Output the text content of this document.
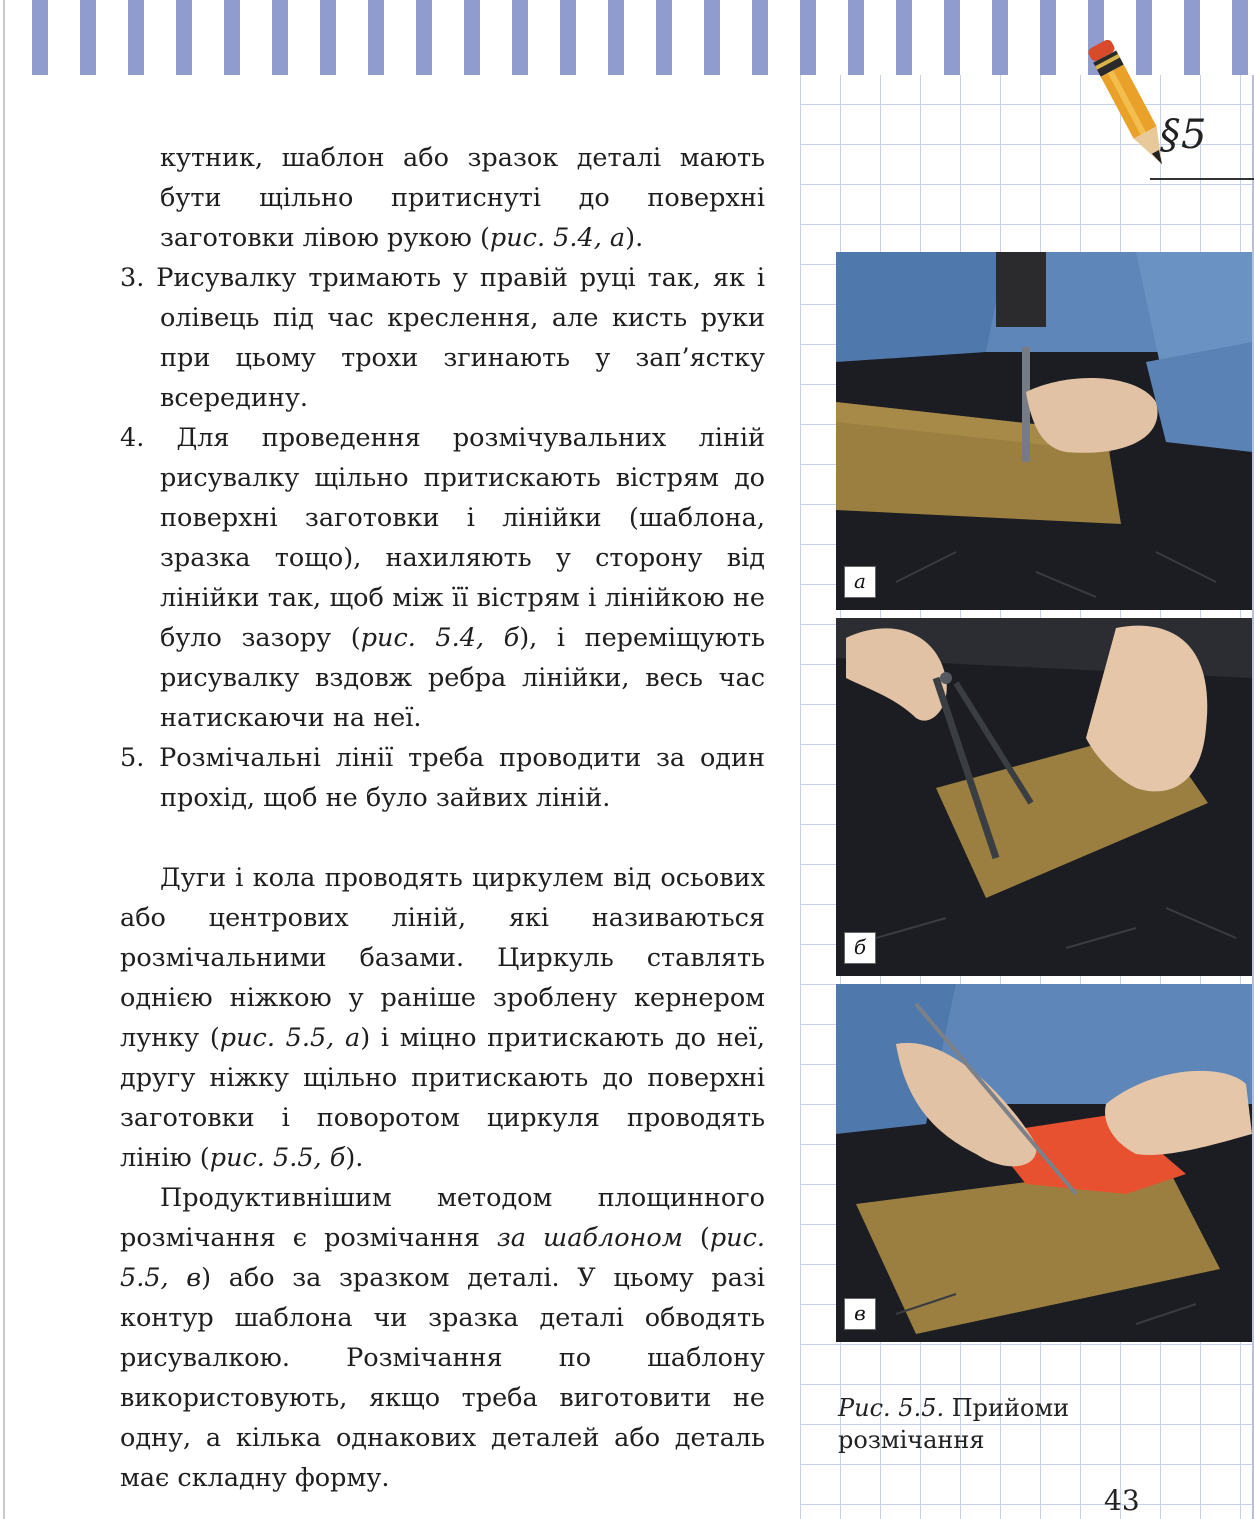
§5

кутник, шаблон або зразок деталі мають бути щільно притиснуті до поверхні заготовки лівою рукою (рис. 5.4, а).

3. Рисувалку тримають у правій руці так, як і олівець під час креслення, але кисть руки при цьому трохи згинають у зап’ястку всередину.

4. Для проведення розмічувальних ліній рисувалку щільно притискають вістрям до поверхні заготовки і лінійки (шаблона, зразка тощо), нахиляють у сторону від лінійки так, щоб між її вістрям і лінійкою не було зазору (рис. 5.4, б), і переміщують рисувалку вздовж ребра лінійки, весь час натискаючи на неї.

5. Розмічальні лінії треба проводити за один прохід, щоб не було зайвих ліній.

Дуги і кола проводять циркулем від осьових або центрових ліній, які називаються розмічальними базами. Циркуль ставлять однією ніжкою у раніше зроблену кернером лунку (рис. 5.5, а) і міцно притискають до неї, другу ніжку щільно притискають до поверхні заготовки і поворотом циркуля проводять лінію (рис. 5.5, б).

Продуктивнішим методом площинного розмічання є розмічання за шаблоном (рис. 5.5, в) або за зразком деталі. У цьому разі контур шаблона чи зразка деталі обводять рисувалкою. Розмічання по шаблону використовують, якщо треба виготовити не одну, а кілька однакових деталей або деталь має складну форму.

а
б
в
Рис. 5.5. Прийоми розмічання
43
